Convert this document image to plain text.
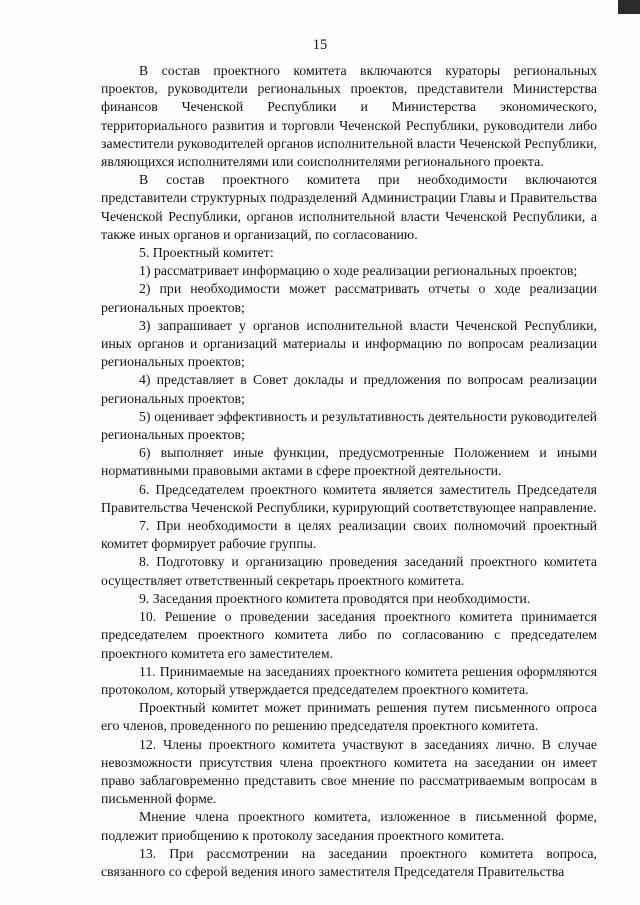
15

В состав проектного комитета включаются кураторы региональных проектов, руководители региональных проектов, представители Министерства финансов Чеченской Республики и Министерства экономического, территориального развития и торговли Чеченской Республики, руководители либо заместители руководителей органов исполнительной власти Чеченской Республики, являющихся исполнителями или соисполнителями регионального проекта.

В состав проектного комитета при необходимости включаются представители структурных подразделений Администрации Главы и Правительства Чеченской Республики, органов исполнительной власти Чеченской Республики, а также иных органов и организаций, по согласованию.

5. Проектный комитет:

1) рассматривает информацию о ходе реализации региональных проектов;

2) при необходимости может рассматривать отчеты о ходе реализации региональных проектов;

3) запрашивает у органов исполнительной власти Чеченской Республики, иных органов и организаций материалы и информацию по вопросам реализации региональных проектов;

4) представляет в Совет доклады и предложения по вопросам реализации региональных проектов;

5) оценивает эффективность и результативность деятельности руководителей региональных проектов;

6) выполняет иные функции, предусмотренные Положением и иными нормативными правовыми актами в сфере проектной деятельности.

6. Председателем проектного комитета является заместитель Председателя Правительства Чеченской Республики, курирующий соответствующее направление.

7. При необходимости в целях реализации своих полномочий проектный комитет формирует рабочие группы.

8. Подготовку и организацию проведения заседаний проектного комитета осуществляет ответственный секретарь проектного комитета.

9. Заседания проектного комитета проводятся при необходимости.

10. Решение о проведении заседания проектного комитета принимается председателем проектного комитета либо по согласованию с председателем проектного комитета его заместителем.

11. Принимаемые на заседаниях проектного комитета решения оформляются протоколом, который утверждается председателем проектного комитета.

Проектный комитет может принимать решения путем письменного опроса его членов, проведенного по решению председателя проектного комитета.

12. Члены проектного комитета участвуют в заседаниях лично. В случае невозможности присутствия члена проектного комитета на заседании он имеет право заблаговременно представить свое мнение по рассматриваемым вопросам в письменной форме.

Мнение члена проектного комитета, изложенное в письменной форме, подлежит приобщению к протоколу заседания проектного комитета.

13. При рассмотрении на заседании проектного комитета вопроса, связанного со сферой ведения иного заместителя Председателя Правительства
